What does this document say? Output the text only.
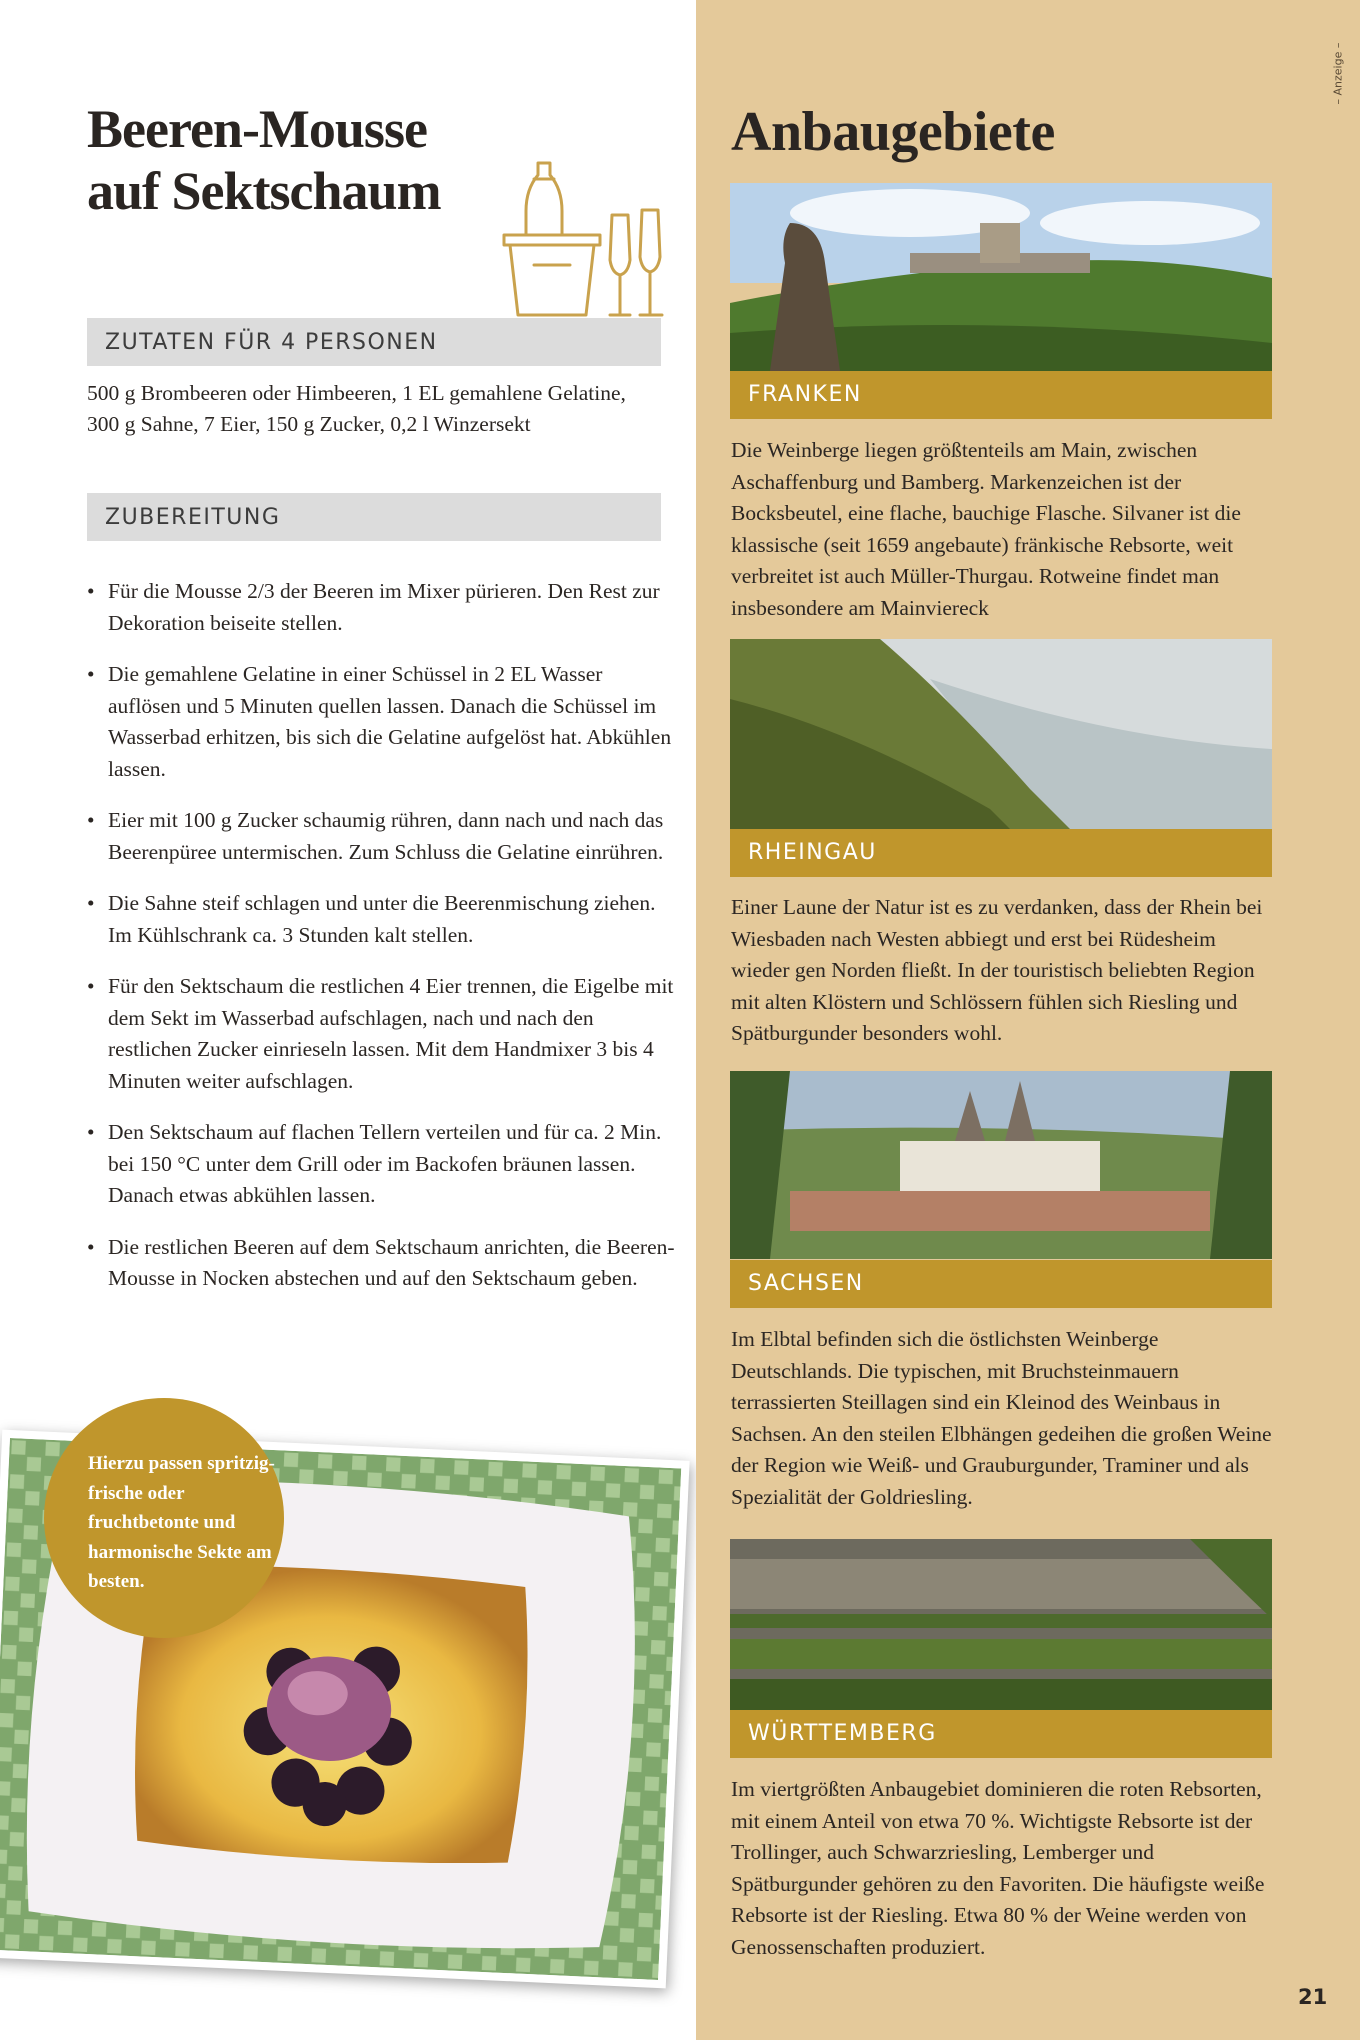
Beeren-Mousse
auf Sektschaum
ZUTATEN FÜR 4 PERSONEN

500 g Brombeeren oder Himbeeren, 1 EL gemahlene Gelatine,
300 g Sahne, 7 Eier, 150 g Zucker, 0,2 l Winzersekt

ZUBEREITUNG
• Für die Mousse 2/3 der Beeren im Mixer pürieren. Den Rest zur Dekoration beiseite stellen.
• Die gemahlene Gelatine in einer Schüssel in 2 EL Wasser auflösen und 5 Minuten quellen lassen. Danach die Schüssel im Wasserbad erhitzen, bis sich die Gelatine aufgelöst hat. Abkühlen lassen.
• Eier mit 100 g Zucker schaumig rühren, dann nach und nach das Beerenpüree untermischen. Zum Schluss die Gelatine einrühren.
• Die Sahne steif schlagen und unter die Beerenmischung ziehen. Im Kühlschrank ca. 3 Stunden kalt stellen.
• Für den Sektschaum die restlichen 4 Eier trennen, die Eigelbe mit dem Sekt im Wasserbad aufschlagen, nach und nach den restlichen Zucker einrieseln lassen. Mit dem Handmixer 3 bis 4 Minuten weiter aufschlagen.
• Den Sektschaum auf flachen Tellern verteilen und für ca. 2 Min. bei 150 °C unter dem Grill oder im Backofen bräunen lassen. Danach etwas abkühlen lassen.
• Die restlichen Beeren auf dem Sektschaum anrichten, die Beeren-Mousse in Nocken abstechen und auf den Sektschaum geben.

Hierzu passen spritzig-frische oder fruchtbetonte und harmonische Sekte am besten.

– Anzeige –
Anbaugebiete
FRANKEN

Die Weinberge liegen größtenteils am Main, zwischen Aschaffenburg und Bamberg. Markenzeichen ist der Bocksbeutel, eine flache, bauchige Flasche. Silvaner ist die klassische (seit 1659 angebaute) fränkische Rebsorte, weit verbreitet ist auch Müller-Thurgau. Rotweine findet man insbesondere am Mainviereck

RHEINGAU

Einer Laune der Natur ist es zu verdanken, dass der Rhein bei Wiesbaden nach Westen abbiegt und erst bei Rüdesheim wieder gen Norden fließt. In der touristisch beliebten Region mit alten Klöstern und Schlössern fühlen sich Riesling und Spätburgunder besonders wohl.

SACHSEN

Im Elbtal befinden sich die östlichsten Weinberge Deutschlands. Die typischen, mit Bruchsteinmauern terrassierten Steillagen sind ein Kleinod des Weinbaus in Sachsen. An den steilen Elbhängen gedeihen die großen Weine der Region wie Weiß- und Grauburgunder, Traminer und als Spezialität der Goldriesling.

WÜRTTEMBERG

Im viertgrößten Anbaugebiet dominieren die roten Rebsorten, mit einem Anteil von etwa 70 %. Wichtigste Rebsorte ist der Trollinger, auch Schwarzriesling, Lemberger und Spätburgunder gehören zu den Favoriten. Die häufigste weiße Rebsorte ist der Riesling. Etwa 80 % der Weine werden von Genossenschaften produziert.

21
